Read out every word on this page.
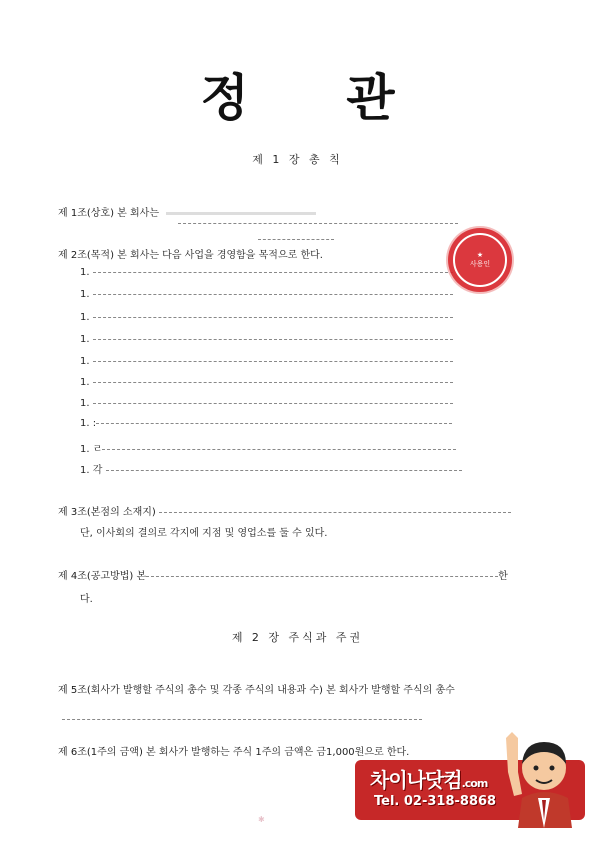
정 관
제 1 장 총 칙
제 1조(상호) 본 회사는
제 2조(목적) 본 회사는 다음 사업을 경영함을 목적으로 한다.
1.
1.
1.
1.
1.
1.
1.
1. :
1. ㄹ
1. 각
제 3조(본점의 소재지)
단, 이사회의 결의로 각지에 지점 및 영업소를 둘 수 있다.
제 4조(공고방법) 본	한
다.
제 2 장 주식과 주권
제 5조(회사가 발행할 주식의 총수 및 각종 주식의 내용과 수) 본 회사가 발행할 주식의 총수
제 6조(1주의 금액) 본 회사가 발행하는 주식 1주의 금액은 금1,000원으로 한다.
★
사용인
차이나닷컴.com
Tel. 02-318-8868
✱
